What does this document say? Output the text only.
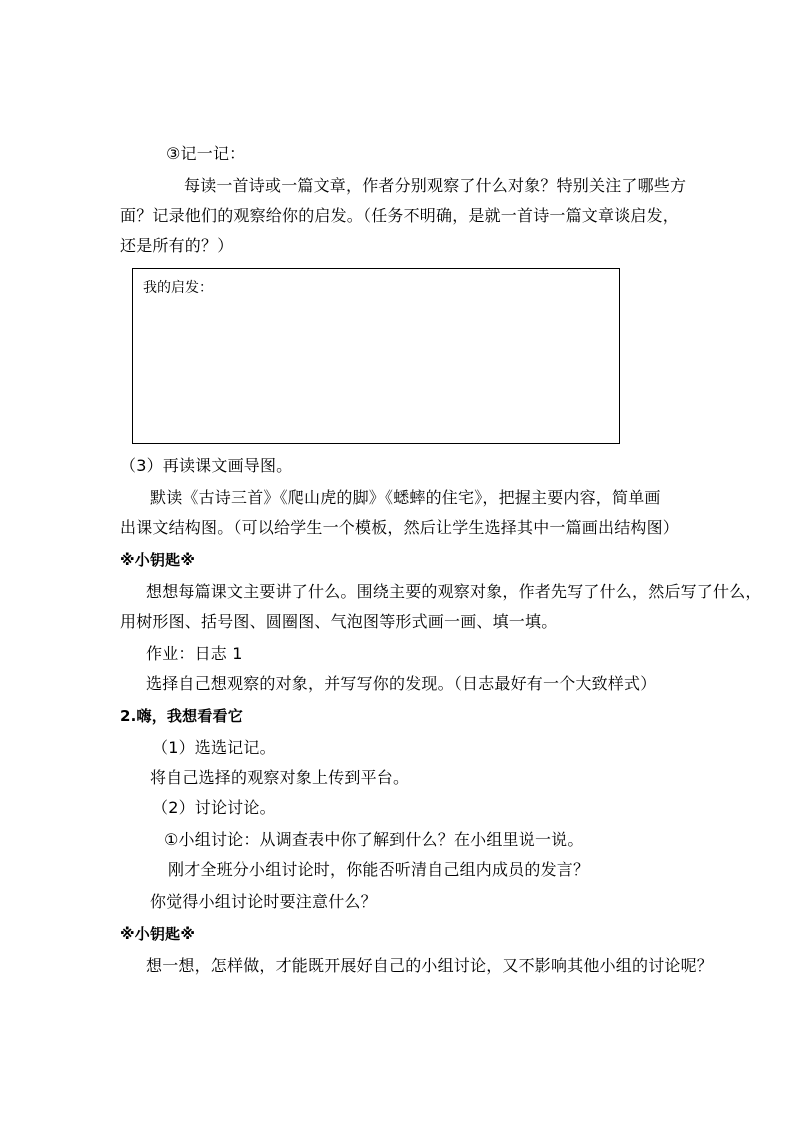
③记一记：
每读一首诗或一篇文章，作者分别观察了什么对象？特别关注了哪些方
面？记录他们的观察给你的启发。（任务不明确，是就一首诗一篇文章谈启发，
还是所有的？）
我的启发：
（3）再读课文画导图。
默读《古诗三首》《爬山虎的脚》《蟋蟀的住宅》，把握主要内容，简单画
出课文结构图。（可以给学生一个模板，然后让学生选择其中一篇画出结构图）
※小钥匙※
想想每篇课文主要讲了什么。围绕主要的观察对象，作者先写了什么，然后写了什么，
用树形图、括号图、圆圈图、气泡图等形式画一画、填一填。
作业：日志 1
选择自己想观察的对象，并写写你的发现。（日志最好有一个大致样式）
2.嗨，我想看看它
（1）选选记记。
将自己选择的观察对象上传到平台。
（2）讨论讨论。
①小组讨论：从调查表中你了解到什么？在小组里说一说。
刚才全班分小组讨论时，你能否听清自己组内成员的发言？
你觉得小组讨论时要注意什么？
※小钥匙※
想一想，怎样做，才能既开展好自己的小组讨论，又不影响其他小组的讨论呢？
